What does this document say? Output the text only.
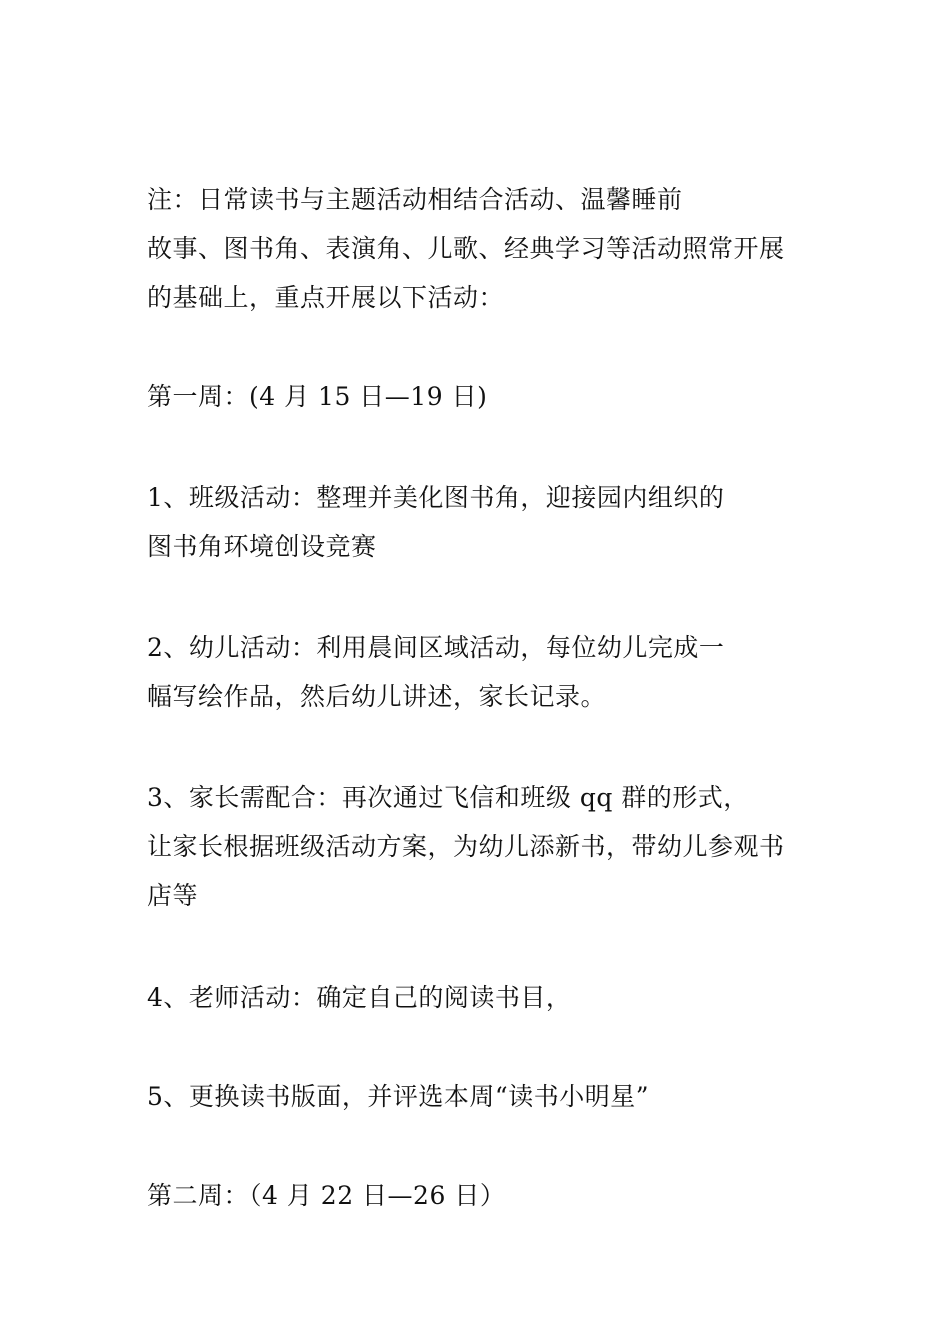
注：日常读书与主题活动相结合活动、温馨睡前
故事、图书角、表演角、儿歌、经典学习等活动照常开展
的基础上，重点开展以下活动：
第一周：(4 月 15 日—19 日)
1、班级活动：整理并美化图书角，迎接园内组织的
图书角环境创设竞赛
2、幼儿活动：利用晨间区域活动，每位幼儿完成一
幅写绘作品，然后幼儿讲述，家长记录。
3、家长需配合：再次通过飞信和班级 qq 群的形式，
让家长根据班级活动方案，为幼儿添新书，带幼儿参观书
店等
4、老师活动：确定自己的阅读书目，
5、更换读书版面，并评选本周“读书小明星”
第二周：（4 月 22 日—26 日）
